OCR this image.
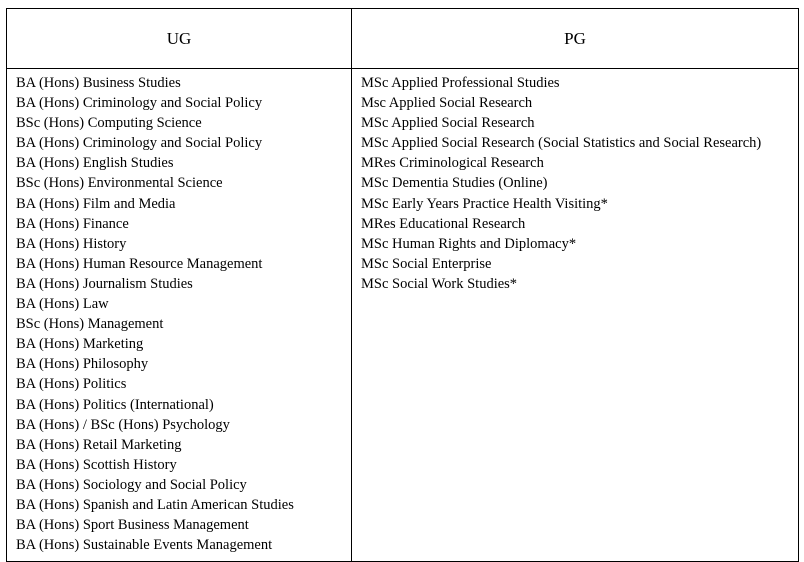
UG	PG

BA (Hons) Business Studies
BA (Hons) Criminology and Social Policy
BSc (Hons) Computing Science
BA (Hons) Criminology and Social Policy
BA (Hons) English Studies
BSc (Hons) Environmental Science
BA (Hons) Film and Media
BA (Hons) Finance
BA (Hons) History
BA (Hons) Human Resource Management
BA (Hons) Journalism Studies
BA (Hons) Law
BSc (Hons) Management
BA (Hons) Marketing
BA (Hons) Philosophy
BA (Hons) Politics
BA (Hons) Politics (International)
BA (Hons) / BSc (Hons) Psychology
BA (Hons) Retail Marketing
BA (Hons) Scottish History
BA (Hons) Sociology and Social Policy
BA (Hons) Spanish and Latin American Studies
BA (Hons) Sport Business Management
BA (Hons) Sustainable Events Management

MSc Applied Professional Studies
Msc Applied Social Research
MSc Applied Social Research
MSc Applied Social Research (Social Statistics and Social Research)
MRes Criminological Research
MSc Dementia Studies (Online)
MSc Early Years Practice Health Visiting*
MRes Educational Research
MSc Human Rights and Diplomacy*
MSc Social Enterprise
MSc Social Work Studies*
